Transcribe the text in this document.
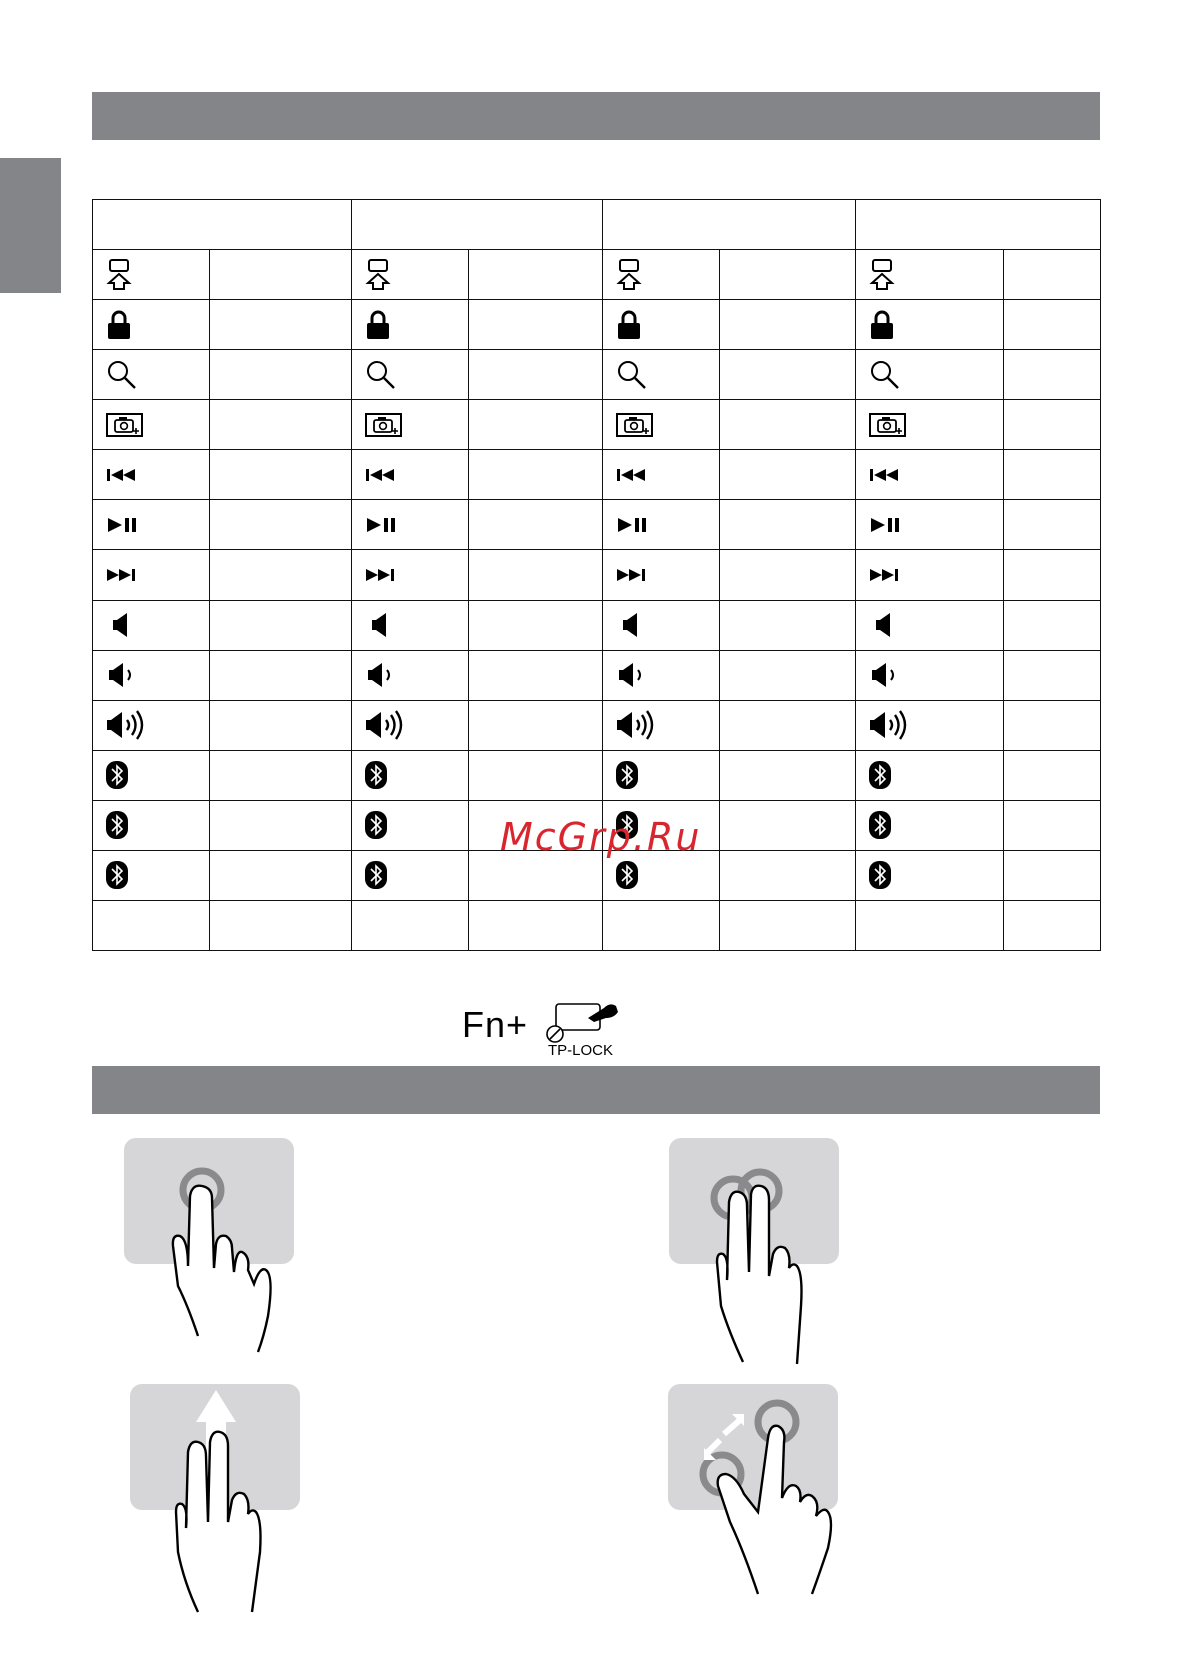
McGrp.Ru
Fn+
TP-LOCK
